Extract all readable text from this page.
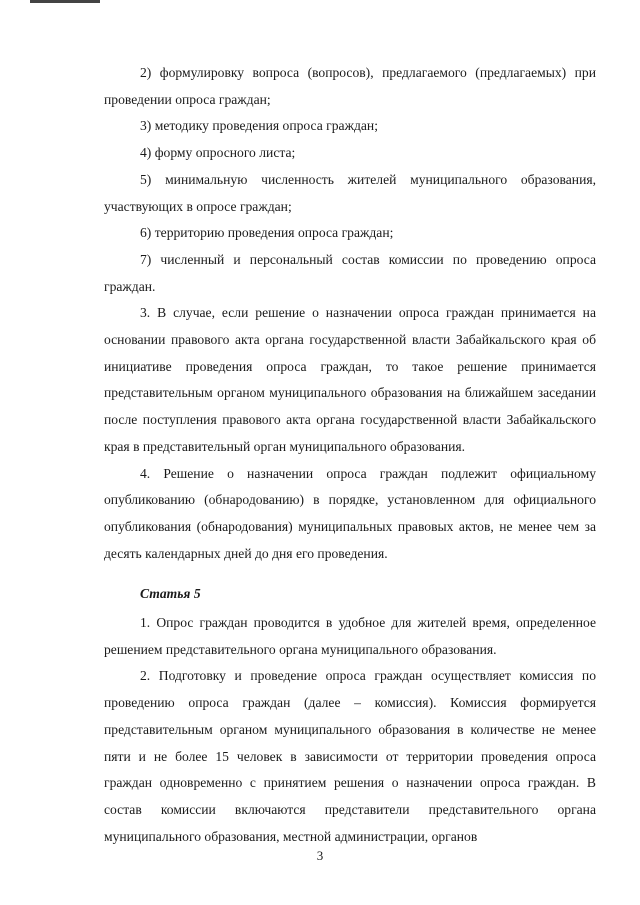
2) формулировку вопроса (вопросов), предлагаемого (предлагаемых) при проведении опроса граждан;

3) методику проведения опроса граждан;

4) форму опросного листа;

5) минимальную численность жителей муниципального образования, участвующих в опросе граждан;

6) территорию проведения опроса граждан;

7) численный и персональный состав комиссии по проведению опроса граждан.

3. В случае, если решение о назначении опроса граждан принимается на основании правового акта органа государственной власти Забайкальского края об инициативе проведения опроса граждан, то такое решение принимается представительным органом муниципального образования на ближайшем заседании после поступления правового акта органа государственной власти Забайкальского края в представительный орган муниципального образования.

4. Решение о назначении опроса граждан подлежит официальному опубликованию (обнародованию) в порядке, установленном для официального опубликования (обнародования) муниципальных правовых актов, не менее чем за десять календарных дней до дня его проведения.

Статья 5

1. Опрос граждан проводится в удобное для жителей время, определенное решением представительного органа муниципального образования.

2. Подготовку и проведение опроса граждан осуществляет комиссия по проведению опроса граждан (далее – комиссия). Комиссия формируется представительным органом муниципального образования в количестве не менее пяти и не более 15 человек в зависимости от территории проведения опроса граждан одновременно с принятием решения о назначении опроса граждан. В состав комиссии включаются представители представительного органа муниципального образования, местной администрации, органов

3
